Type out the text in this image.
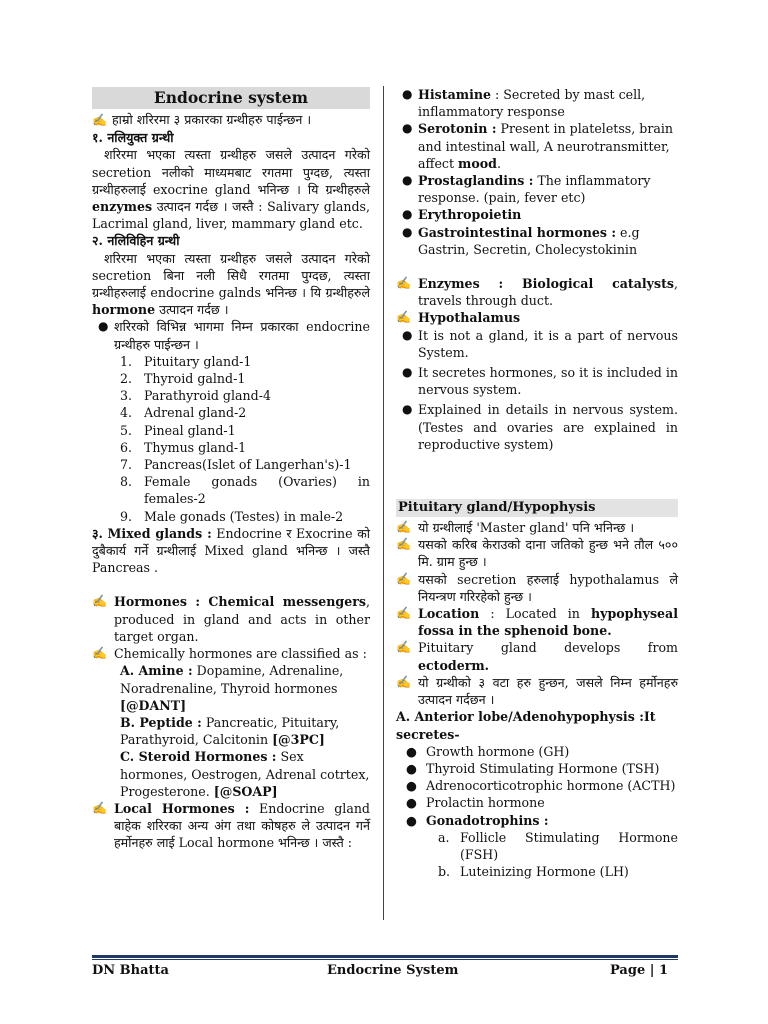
Endocrine system

✍ हाम्रो शरिरमा ३ प्रकारका ग्रन्थीहरु पाईन्छन ।

१. नलियुक्त ग्रन्थी

शरिरमा भएका त्यस्ता ग्रन्थीहरु जसले उत्पादन गरेको secretion नलीको माध्यमबाट रगतमा पुग्दछ, त्यस्ता ग्रन्थीहरुलाई exocrine gland भनिन्छ । यि ग्रन्थीहरुले enzymes उत्पादन गर्दछ । जस्तै : Salivary glands, Lacrimal gland, liver, mammary gland etc.

२. नलिविहिन ग्रन्थी

शरिरमा भएका त्यस्ता ग्रन्थीहरु जसले उत्पादन गरेको secretion बिना नली सिधै रगतमा पुग्दछ, त्यस्ता ग्रन्थीहरुलाई endocrine galnds भनिन्छ । यि ग्रन्थीहरुले hormone उत्पादन गर्दछ ।

● शरिरको विभिन्न भागमा निम्न प्रकारका endocrine ग्रन्थीहरु पाईन्छन ।
1. Pituitary gland-1
2. Thyroid galnd-1
3. Parathyroid gland-4
4. Adrenal gland-2
5. Pineal gland-1
6. Thymus gland-1
7. Pancreas(Islet of Langerhan's)-1
8. Female gonads (Ovaries) in females-2
9. Male gonads (Testes) in male-2

३. Mixed glands : Endocrine र Exocrine को दुबैकार्य गर्ने ग्रन्थीलाई Mixed gland भनिन्छ । जस्तै Pancreas .

✍ Hormones : Chemical messengers, produced in gland and acts in other target organ.
✍ Chemically hormones are classified as :

A. Amine : Dopamine, Adrenaline, Noradrenaline, Thyroid hormones [@DANT]

B. Peptide : Pancreatic, Pituitary, Parathyroid, Calcitonin [@3PC]

C. Steroid Hormones : Sex hormones, Oestrogen, Adrenal cotrtex, Progesterone. [@SOAP]

✍ Local Hormones : Endocrine gland बाहेक शरिरका अन्य अंग तथा कोषहरु ले उत्पादन गर्ने हर्मोनहरु लाई Local hormone भनिन्छ । जस्तै :
● Histamine : Secreted by mast cell, inflammatory response
● Serotonin : Present in plateletss, brain and intestinal wall, A neurotransmitter, affect mood.
● Prostaglandins : The inflammatory response. (pain, fever etc)
● Erythropoietin
● Gastrointestinal hormones : e.g Gastrin, Secretin, Cholecystokinin
✍ Enzymes : Biological catalysts, travels through duct.
✍ Hypothalamus
● It is not a gland, it is a part of nervous System.
● It secretes hormones, so it is included in nervous system.
● Explained in details in nervous system. (Testes and ovaries are explained in reproductive system)
Pituitary gland/Hypophysis
✍ यो ग्रन्थीलाई 'Master gland' पनि भनिन्छ ।
✍ यसको करिब केराउको दाना जतिको हुन्छ भने तौल ५०० मि. ग्राम हुन्छ ।
✍ यसको secretion हरुलाई hypothalamus ले नियन्त्रण गरिरहेको हुन्छ ।
✍ Location : Located in hypophyseal fossa in the sphenoid bone.
✍ Pituitary gland develops from ectoderm.
✍ यो ग्रन्थीको ३ वटा हरु हुन्छन, जसले निम्न हर्मोनहरु उत्पादन गर्दछन ।

A. Anterior lobe/Adenohypophysis :It secretes-

● Growth hormone (GH)
● Thyroid Stimulating Hormone (TSH)
● Adrenocorticotrophic hormone (ACTH)
● Prolactin hormone
● Gonadotrophins :
a. Follicle Stimulating Hormone (FSH)
b. Luteinizing Hormone (LH)
DN Bhatta	Endocrine System	Page | 1
